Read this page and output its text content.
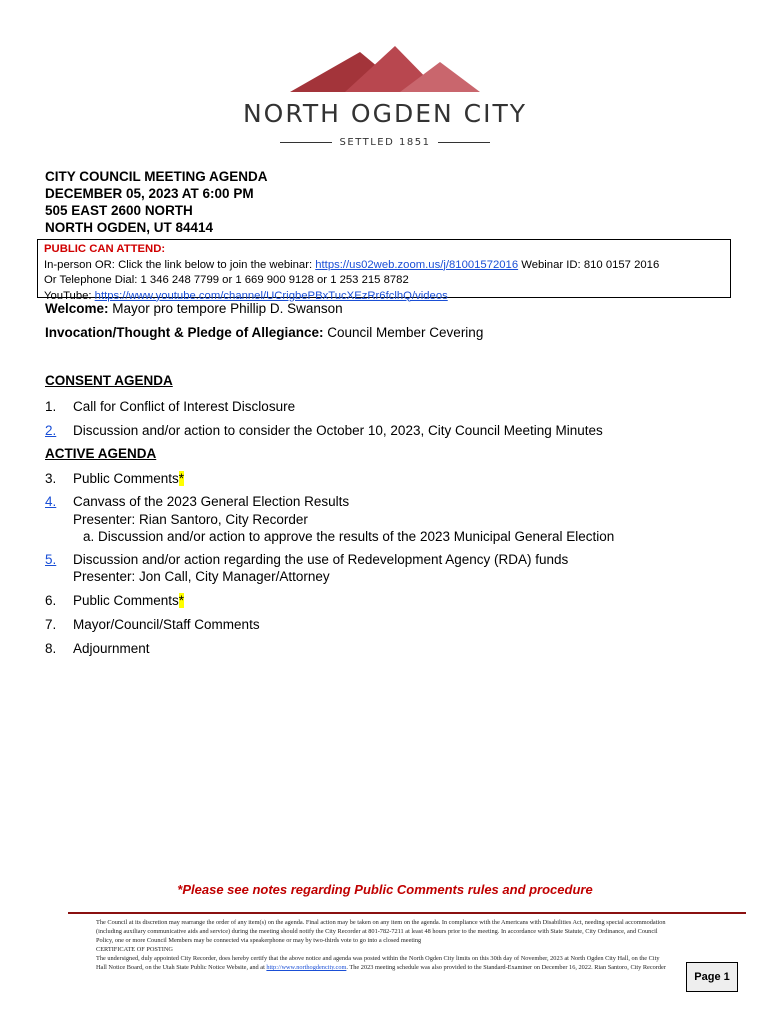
NORTH OGDEN CITY
SETTLED 1851
CITY COUNCIL MEETING AGENDA
DECEMBER 05, 2023 AT 6:00 PM
505 EAST 2600 NORTH
NORTH OGDEN, UT 84414
PUBLIC CAN ATTEND:
In-person OR: Click the link below to join the webinar: https://us02web.zoom.us/j/81001572016 Webinar ID: 810 0157 2016
Or Telephone Dial: 1 346 248 7799 or 1 669 900 9128 or 1 253 215 8782
YouTube: https://www.youtube.com/channel/UCrigbePBxTucXEzRr6fclhQ/videos
Welcome: Mayor pro tempore Phillip D. Swanson
Invocation/Thought & Pledge of Allegiance: Council Member Cevering
CONSENT AGENDA
1.	Call for Conflict of Interest Disclosure
2.	Discussion and/or action to consider the October 10, 2023, City Council Meeting Minutes
ACTIVE AGENDA
3.	Public Comments*
4.	Canvass of the 2023 General Election Results
Presenter: Rian Santoro, City Recorder
a. Discussion and/or action to approve the results of the 2023 Municipal General Election
5.	Discussion and/or action regarding the use of Redevelopment Agency (RDA) funds
Presenter: Jon Call, City Manager/Attorney
6.	Public Comments*
7.	Mayor/Council/Staff Comments
8.	Adjournment
*Please see notes regarding Public Comments rules and procedure
The Council at its discretion may rearrange the order of any item(s) on the agenda. Final action may be taken on any item on the agenda. In compliance with the Americans with Disabilities Act, needing special accommodation (including auxiliary communicative aids and service) during the meeting should notify the City Recorder at 801-782-7211 at least 48 hours prior to the meeting. In accordance with State Statute, City Ordinance, and Council Policy, one or more Council Members may be connected via speakerphone or may by two-thirds vote to go into a closed meeting
CERTIFICATE OF POSTING
The undersigned, duly appointed City Recorder, does hereby certify that the above notice and agenda was posted within the North Ogden City limits on this 30th day of November, 2023 at North Ogden City Hall, on the City Hall Notice Board, on the Utah State Public Notice Website, and at http://www.northogdencity.com. The 2023 meeting schedule was also provided to the Standard-Examiner on December 16, 2022. Rian Santoro, City Recorder
Page 1
